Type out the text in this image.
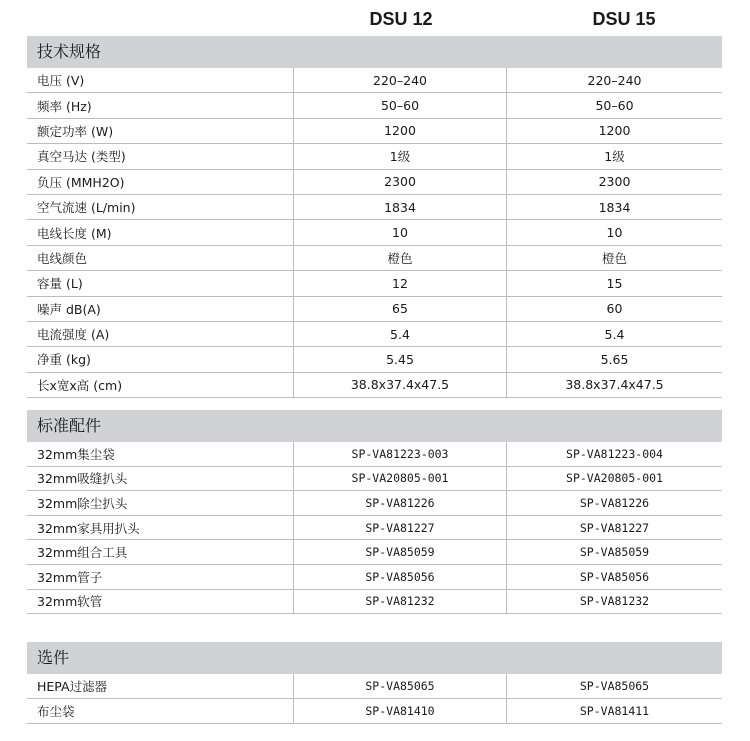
DSU 12	DSU 15
技术规格
电压 (V)	220–240	220–240
频率 (Hz)	50–60	50–60
额定功率 (W)	1200	1200
真空马达 (类型)	1级	1级
负压 (MMH2O)	2300	2300
空气流速 (L/min)	1834	1834
电线长度 (M)	10	10
电线颜色	橙色	橙色
容量 (L)	12	15
噪声 dB(A)	65	60
电流强度 (A)	5.4	5.4
净重 (kg)	5.45	5.65
长x宽x高 (cm)	38.8x37.4x47.5	38.8x37.4x47.5
标准配件
32mm集尘袋	SP-VA81223-003	SP-VA81223-004
32mm吸缝扒头	SP-VA20805-001	SP-VA20805-001
32mm除尘扒头	SP-VA81226	SP-VA81226
32mm家具用扒头	SP-VA81227	SP-VA81227
32mm组合工具	SP-VA85059	SP-VA85059
32mm管子	SP-VA85056	SP-VA85056
32mm软管	SP-VA81232	SP-VA81232
选件
HEPA过滤器	SP-VA85065	SP-VA85065
布尘袋	SP-VA81410	SP-VA81411
